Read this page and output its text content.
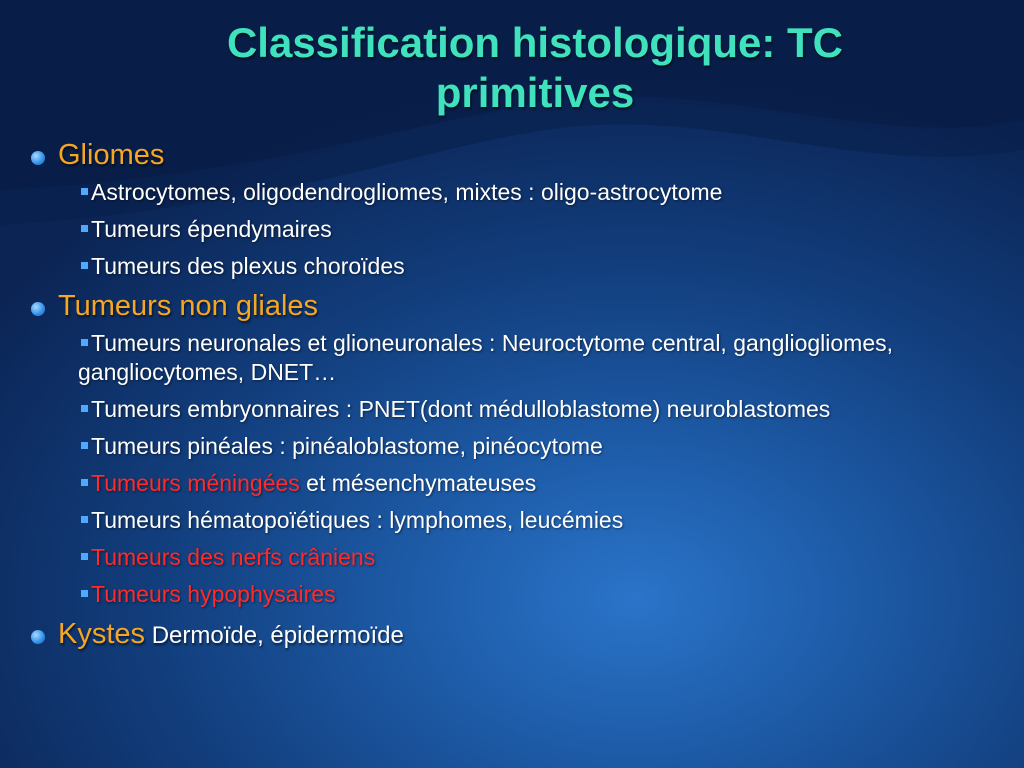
Classification histologique: TC primitives
Gliomes
Astrocytomes, oligodendrogliomes, mixtes : oligo-astrocytome
Tumeurs épendymaires
Tumeurs des plexus choroïdes
Tumeurs non gliales
Tumeurs neuronales et glioneuronales : Neuroctytome central, gangliogliomes, gangliocytomes, DNET…
Tumeurs embryonnaires : PNET(dont médulloblastome) neuroblastomes
Tumeurs pinéales : pinéaloblastome, pinéocytome
Tumeurs méningées et mésenchymateuses
Tumeurs hématopoïétiques : lymphomes, leucémies
Tumeurs des nerfs crâniens
Tumeurs hypophysaires
Kystes Dermoïde, épidermoïde
